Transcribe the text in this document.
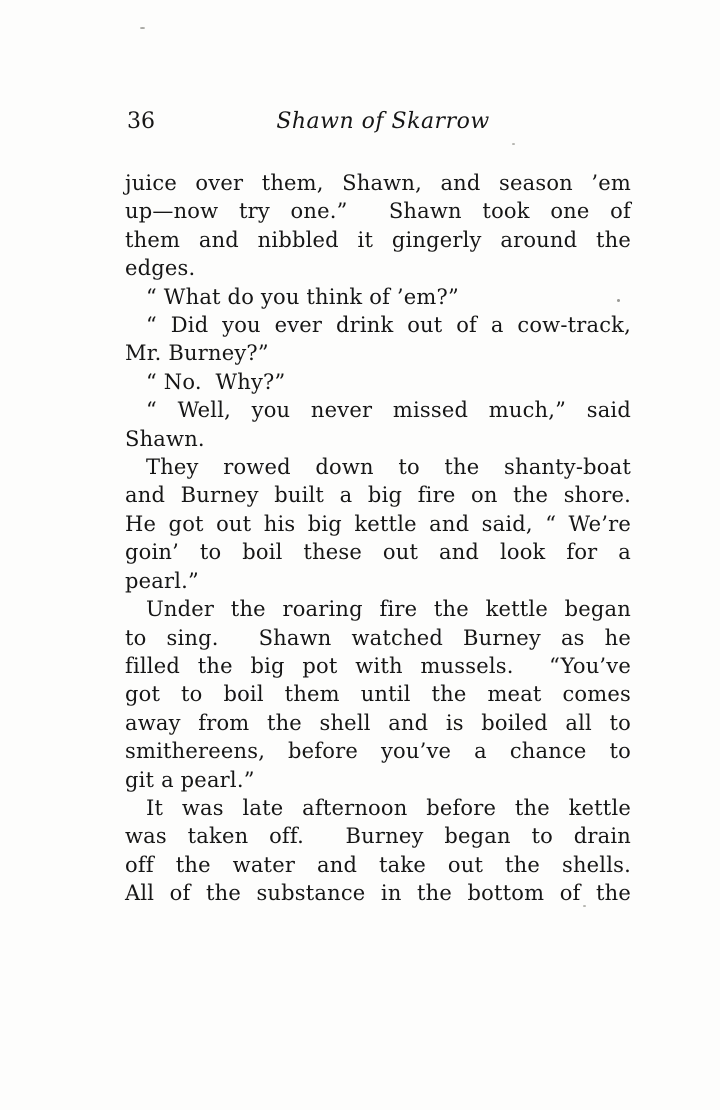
36	Shawn of Skarrow
juice over them, Shawn, and season ’em
up—now try one.”  Shawn took one of
them and nibbled it gingerly around the
edges.
“ What do you think of ’em?”
“ Did you ever drink out of a cow-track,
Mr. Burney?”
“ No.  Why?”
“ Well, you never missed much,” said
Shawn.
They rowed down to the shanty-boat
and Burney built a big fire on the shore.
He got out his big kettle and said, “ We’re
goin’ to boil these out and look for a
pearl.”
Under the roaring fire the kettle began
to sing.  Shawn watched Burney as he
filled the big pot with mussels.  “You’ve
got to boil them until the meat comes
away from the shell and is boiled all to
smithereens, before you’ve a chance to
git a pearl.”
It was late afternoon before the kettle
was taken off.  Burney began to drain
off the water and take out the shells.
All of the substance in the bottom of the
